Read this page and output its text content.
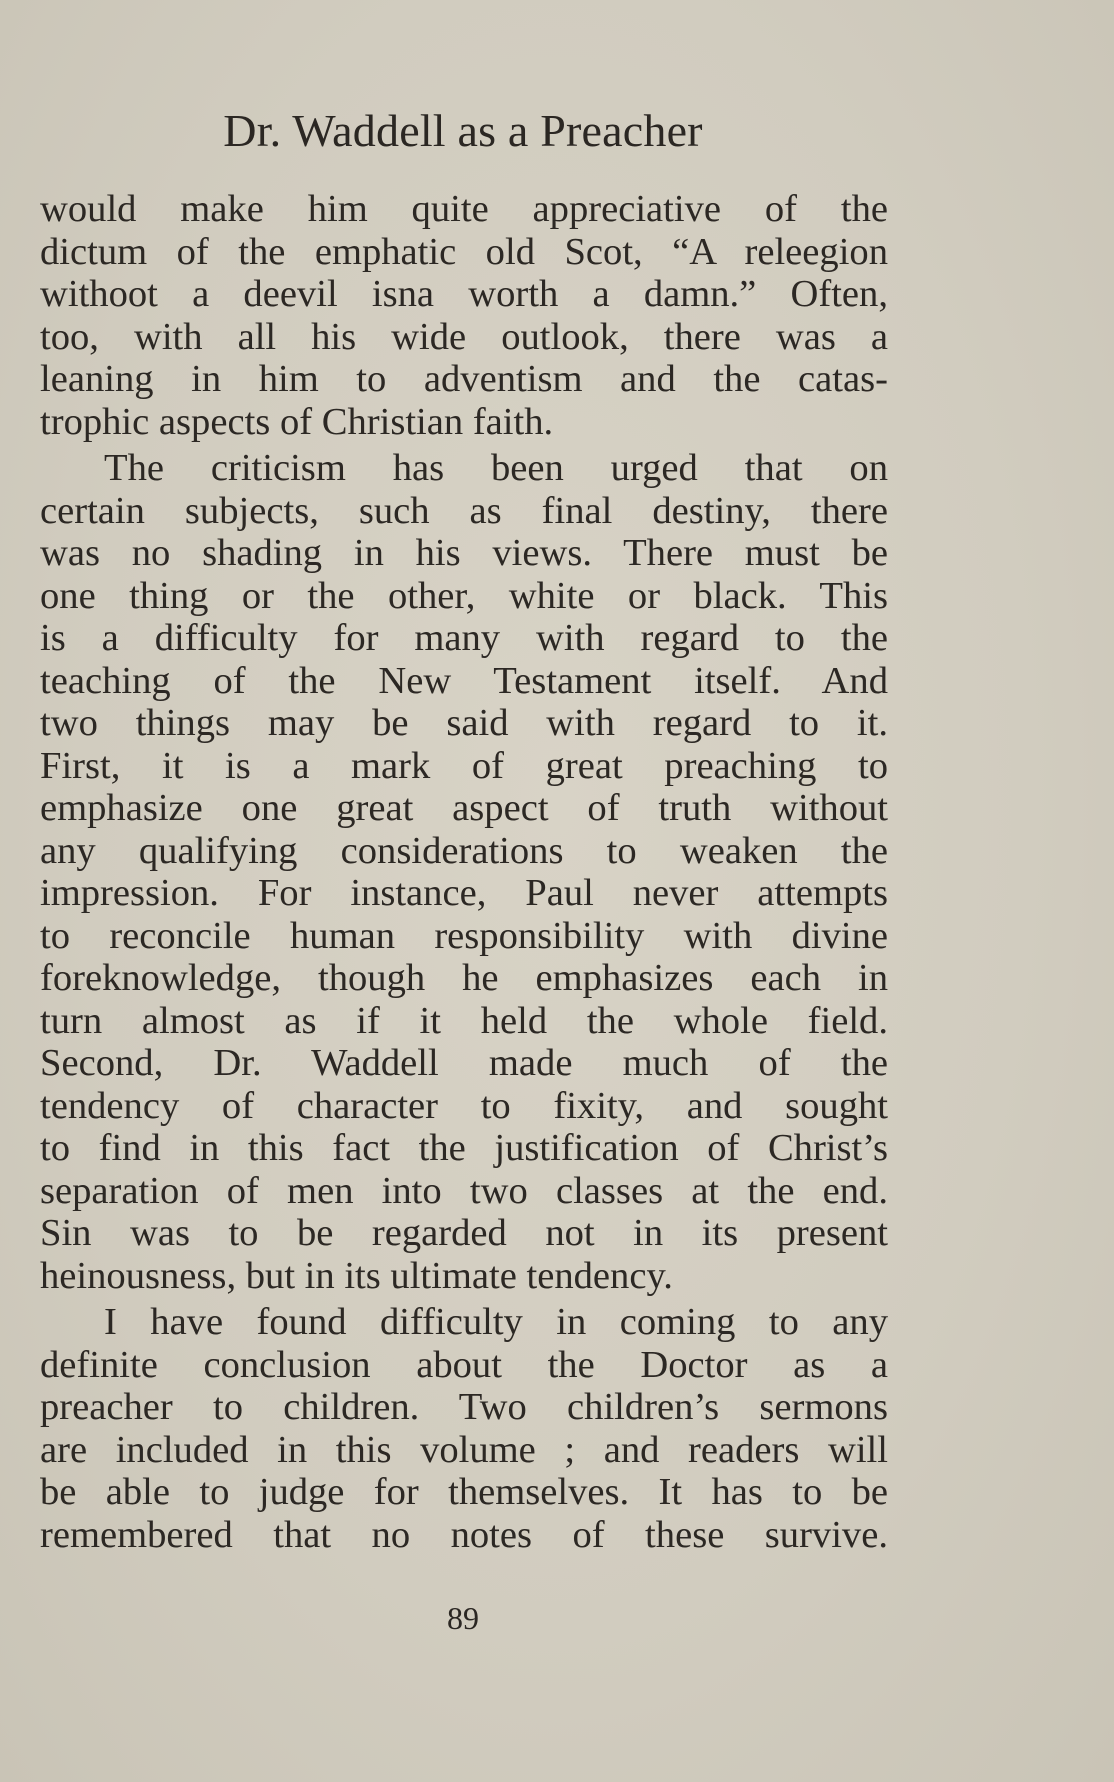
Dr. Waddell as a Preacher
would make him quite appreciative of the
dictum of the emphatic old Scot, “A releegion
withoot a deevil isna worth a damn.” Often,
too, with all his wide outlook, there was a
leaning in him to adventism and the catas-
trophic aspects of Christian faith.
The criticism has been urged that on
certain subjects, such as final destiny, there
was no shading in his views. There must be
one thing or the other, white or black. This
is a difficulty for many with regard to the
teaching of the New Testament itself. And
two things may be said with regard to it.
First, it is a mark of great preaching to
emphasize one great aspect of truth without
any qualifying considerations to weaken the
impression. For instance, Paul never attempts
to reconcile human responsibility with divine
foreknowledge, though he emphasizes each in
turn almost as if it held the whole field.
Second, Dr. Waddell made much of the
tendency of character to fixity, and sought
to find in this fact the justification of Christ’s
separation of men into two classes at the end.
Sin was to be regarded not in its present
heinousness, but in its ultimate tendency.
I have found difficulty in coming to any
definite conclusion about the Doctor as a
preacher to children. Two children’s sermons
are included in this volume ; and readers will
be able to judge for themselves. It has to be
remembered that no notes of these survive.
89
